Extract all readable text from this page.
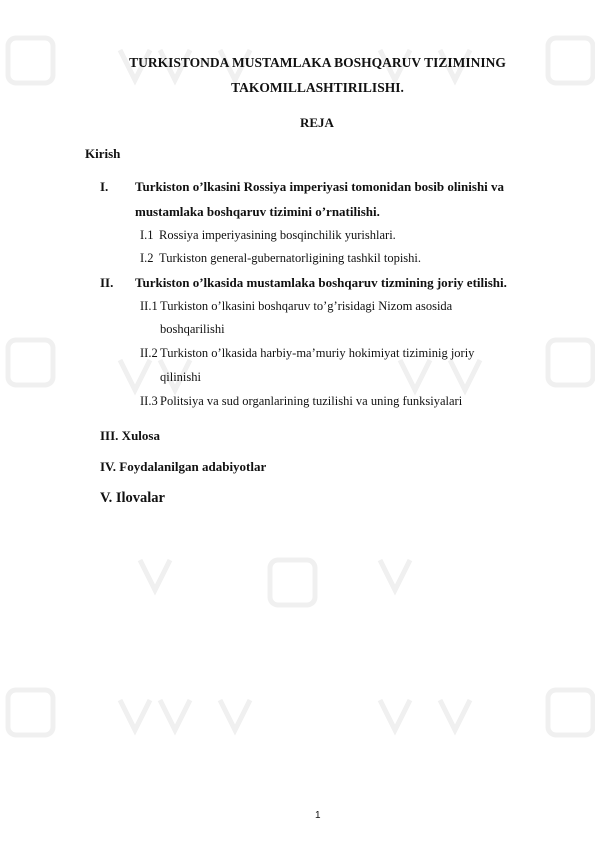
TURKISTONDA MUSTAMLAKA BOSHQARUV TIZIMINING
TAKOMILLASHTIRILISHI.
REJA
Kirish
I. Turkiston o’lkasini Rossiya imperiyasi tomonidan bosib olinishi va
mustamlaka boshqaruv tizimini o’rnatilishi.
I.1 Rossiya imperiyasining bosqinchilik yurishlari.
I.2 Turkiston general-gubernatorligining tashkil topishi.
II. Turkiston o’lkasida mustamlaka boshqaruv tizmining joriy etilishi.
II.1 Turkiston o’lkasini boshqaruv to’g’risidagi Nizom asosida
boshqarilishi
II.2 Turkiston o’lkasida harbiy-ma’muriy hokimiyat tiziminig joriy
qilinishi
II.3 Politsiya va sud organlarining tuzilishi va uning funksiyalari
III. Xulosa
IV. Foydalanilgan adabiyotlar
V. Ilovalar
1
